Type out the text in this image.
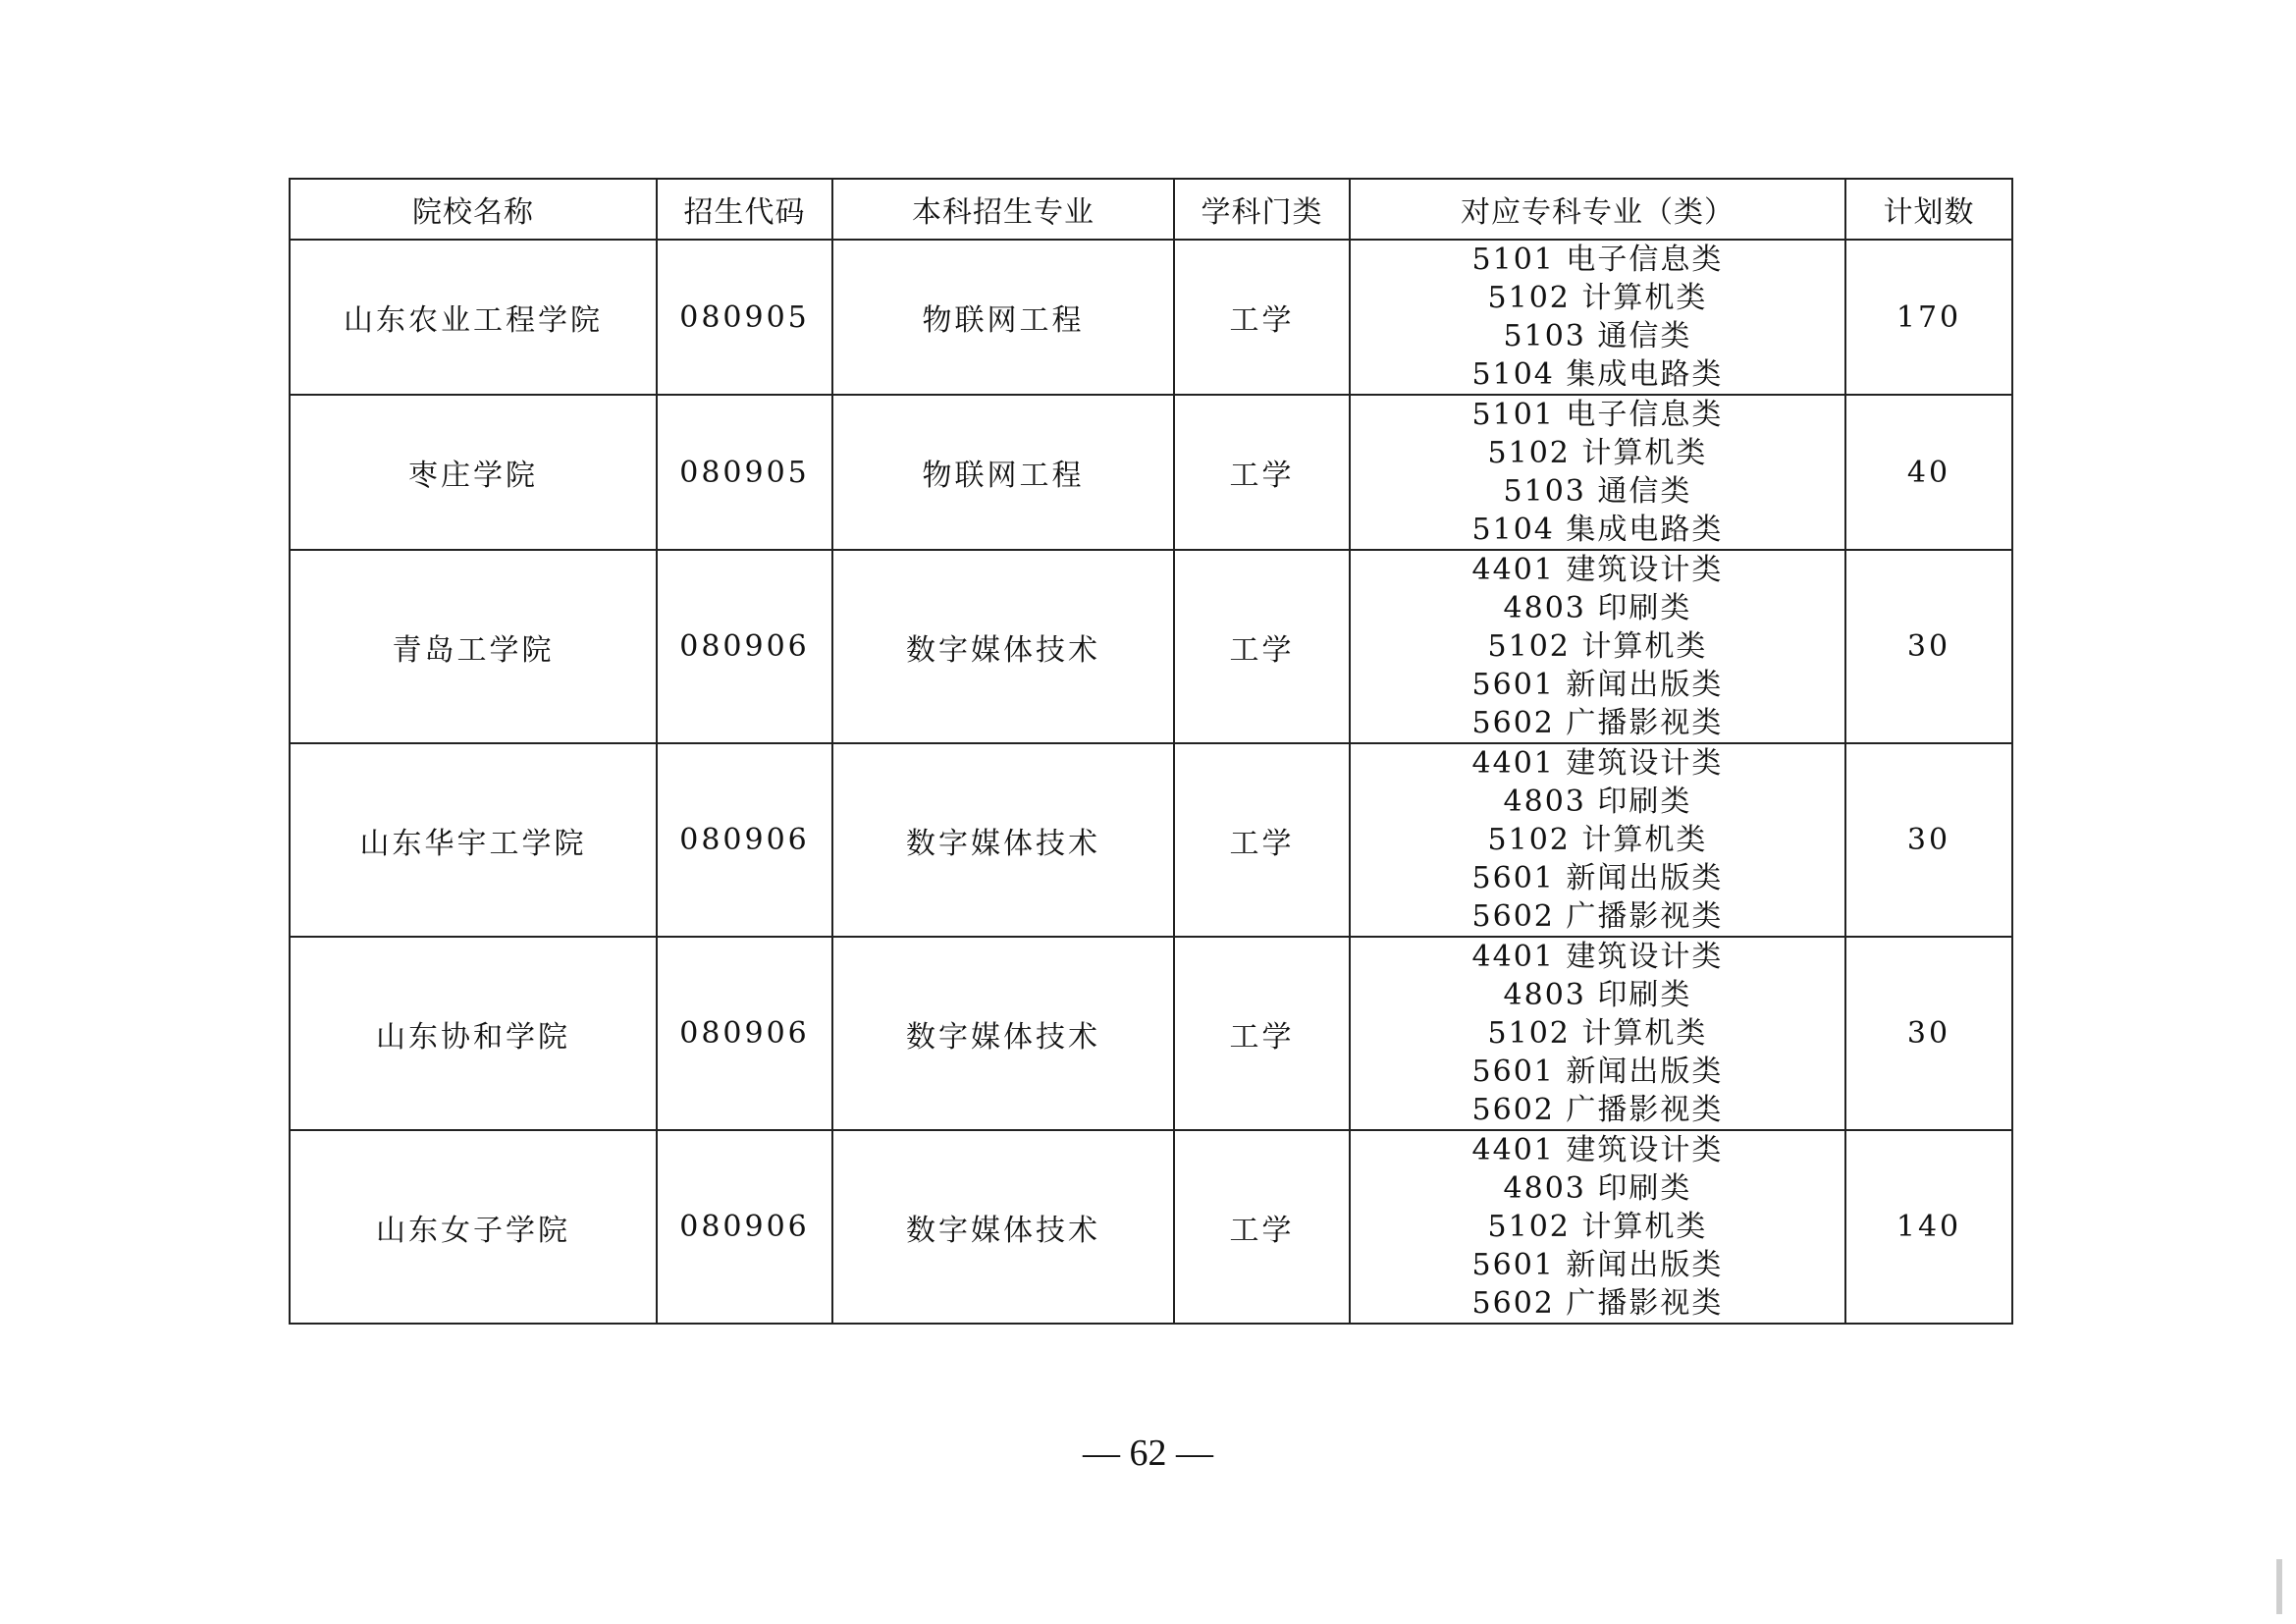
院校名称	招生代码	本科招生专业	学科门类	对应专科专业（类）	计划数
山东农业工程学院	080905	物联网工程	工学	5101 电子信息类
5102 计算机类
5103 通信类
5104 集成电路类	170
枣庄学院	080905	物联网工程	工学	5101 电子信息类
5102 计算机类
5103 通信类
5104 集成电路类	40
青岛工学院	080906	数字媒体技术	工学	4401 建筑设计类
4803 印刷类
5102 计算机类
5601 新闻出版类
5602 广播影视类	30
山东华宇工学院	080906	数字媒体技术	工学	4401 建筑设计类
4803 印刷类
5102 计算机类
5601 新闻出版类
5602 广播影视类	30
山东协和学院	080906	数字媒体技术	工学	4401 建筑设计类
4803 印刷类
5102 计算机类
5601 新闻出版类
5602 广播影视类	30
山东女子学院	080906	数字媒体技术	工学	4401 建筑设计类
4803 印刷类
5102 计算机类
5601 新闻出版类
5602 广播影视类	140
— 62 —
